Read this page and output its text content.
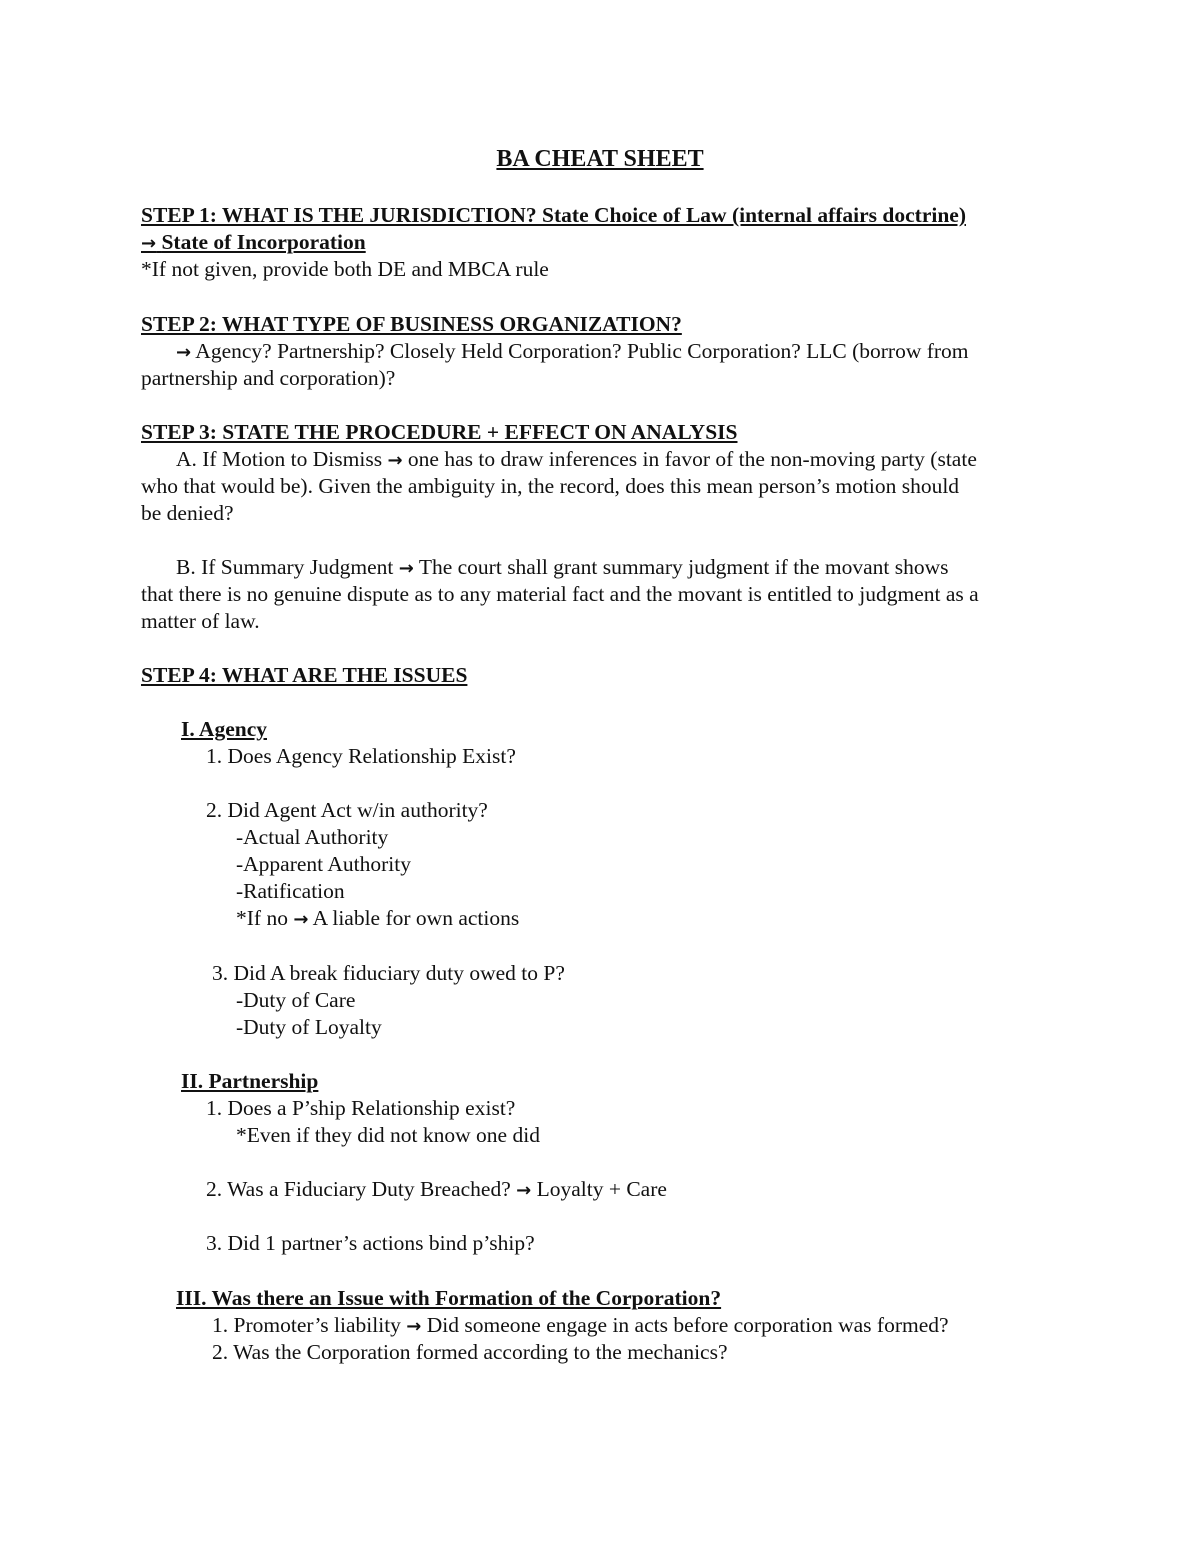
BA CHEAT SHEET
STEP 1: WHAT IS THE JURISDICTION? State Choice of Law (internal affairs doctrine)
→ State of Incorporation
*If not given, provide both DE and MBCA rule
STEP 2: WHAT TYPE OF BUSINESS ORGANIZATION?
→ Agency? Partnership? Closely Held Corporation? Public Corporation? LLC (borrow from
partnership and corporation)?
STEP 3: STATE THE PROCEDURE + EFFECT ON ANALYSIS
A. If Motion to Dismiss → one has to draw inferences in favor of the non-moving party (state
who that would be). Given the ambiguity in, the record, does this mean person’s motion should
be denied?
B. If Summary Judgment → The court shall grant summary judgment if the movant shows
that there is no genuine dispute as to any material fact and the movant is entitled to judgment as a
matter of law.
STEP 4: WHAT ARE THE ISSUES
I. Agency
1. Does Agency Relationship Exist?
2. Did Agent Act w/in authority?
-Actual Authority
-Apparent Authority
-Ratification
*If no → A liable for own actions
3. Did A break fiduciary duty owed to P?
-Duty of Care
-Duty of Loyalty
II. Partnership
1. Does a P’ship Relationship exist?
*Even if they did not know one did
2. Was a Fiduciary Duty Breached? → Loyalty + Care
3. Did 1 partner’s actions bind p’ship?
III. Was there an Issue with Formation of the Corporation?
1. Promoter’s liability → Did someone engage in acts before corporation was formed?
2. Was the Corporation formed according to the mechanics?
